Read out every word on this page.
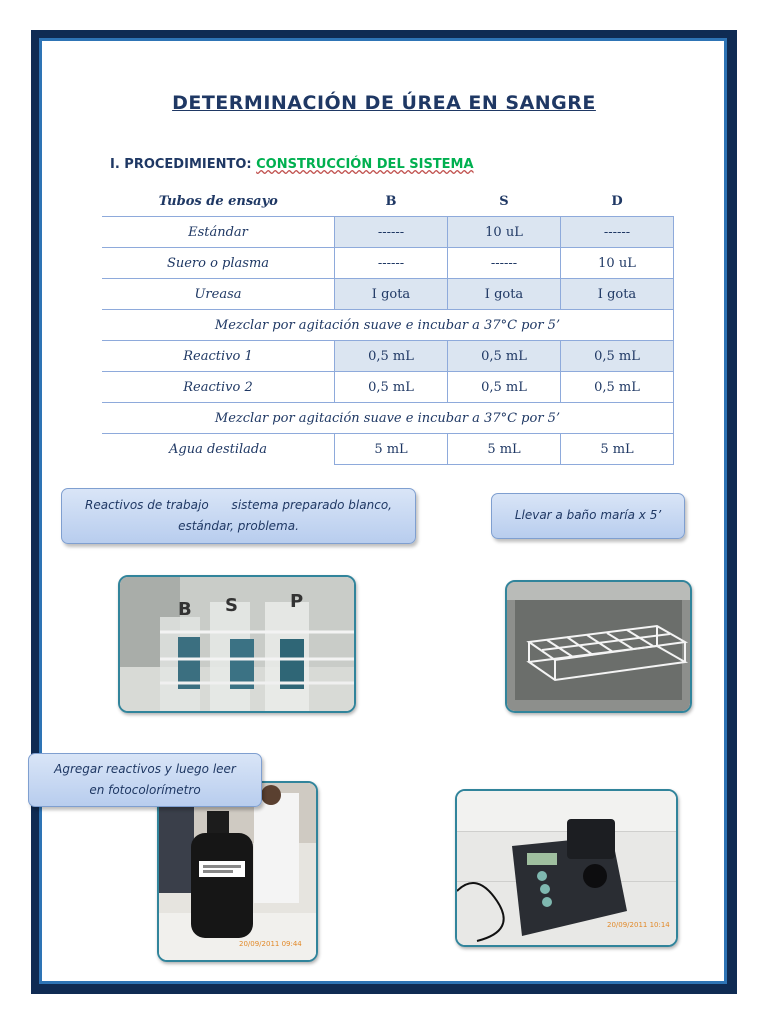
DETERMINACIÓN DE ÚREA EN SANGRE
I. PROCEDIMIENTO: CONSTRUCCIÓN DEL SISTEMA
Tubos de ensayo	B	S	D
Estándar	------	10 uL	------
Suero o plasma	------	------	10 uL
Ureasa	I gota	I gota	I gota
Mezclar por agitación suave e incubar a 37°C por 5’			
Reactivo 1	0,5 mL	0,5 mL	0,5 mL
Reactivo 2	0,5 mL	0,5 mL	0,5 mL
Mezclar por agitación suave e incubar a 37°C por 5’			
Agua destilada	5 mL	5 mL	5 mL
Reactivos de trabajo      sistema preparado blanco,
estándar, problema.
Llevar a baño maría x 5’
B S	P
20/09/2011 09:44
20/09/2011 10:14
Agregar reactivos y luego leer
en fotocolorímetro
